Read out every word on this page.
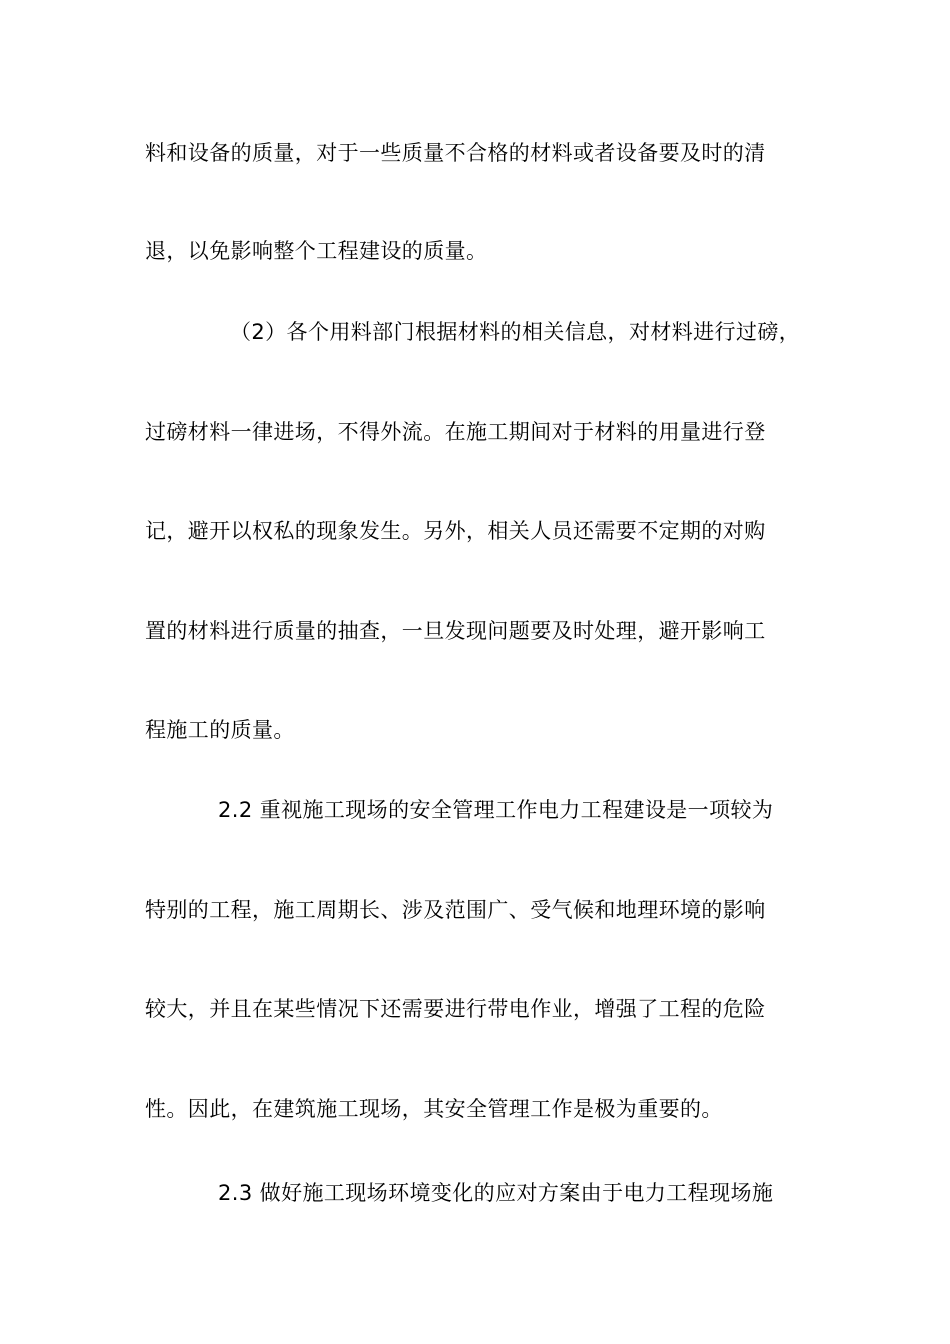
料和设备的质量，对于一些质量不合格的材料或者设备要及时的清
退，以免影响整个工程建设的质量。
（2）各个用料部门根据材料的相关信息，对材料进行过磅，
过磅材料一律进场，不得外流。在施工期间对于材料的用量进行登
记，避开以权私的现象发生。另外，相关人员还需要不定期的对购
置的材料进行质量的抽查，一旦发现问题要及时处理，避开影响工
程施工的质量。
2.2 重视施工现场的安全管理工作电力工程建设是一项较为
特别的工程，施工周期长、涉及范围广、受气候和地理环境的影响
较大，并且在某些情况下还需要进行带电作业，增强了工程的危险
性。因此，在建筑施工现场，其安全管理工作是极为重要的。
2.3 做好施工现场环境变化的应对方案由于电力工程现场施
